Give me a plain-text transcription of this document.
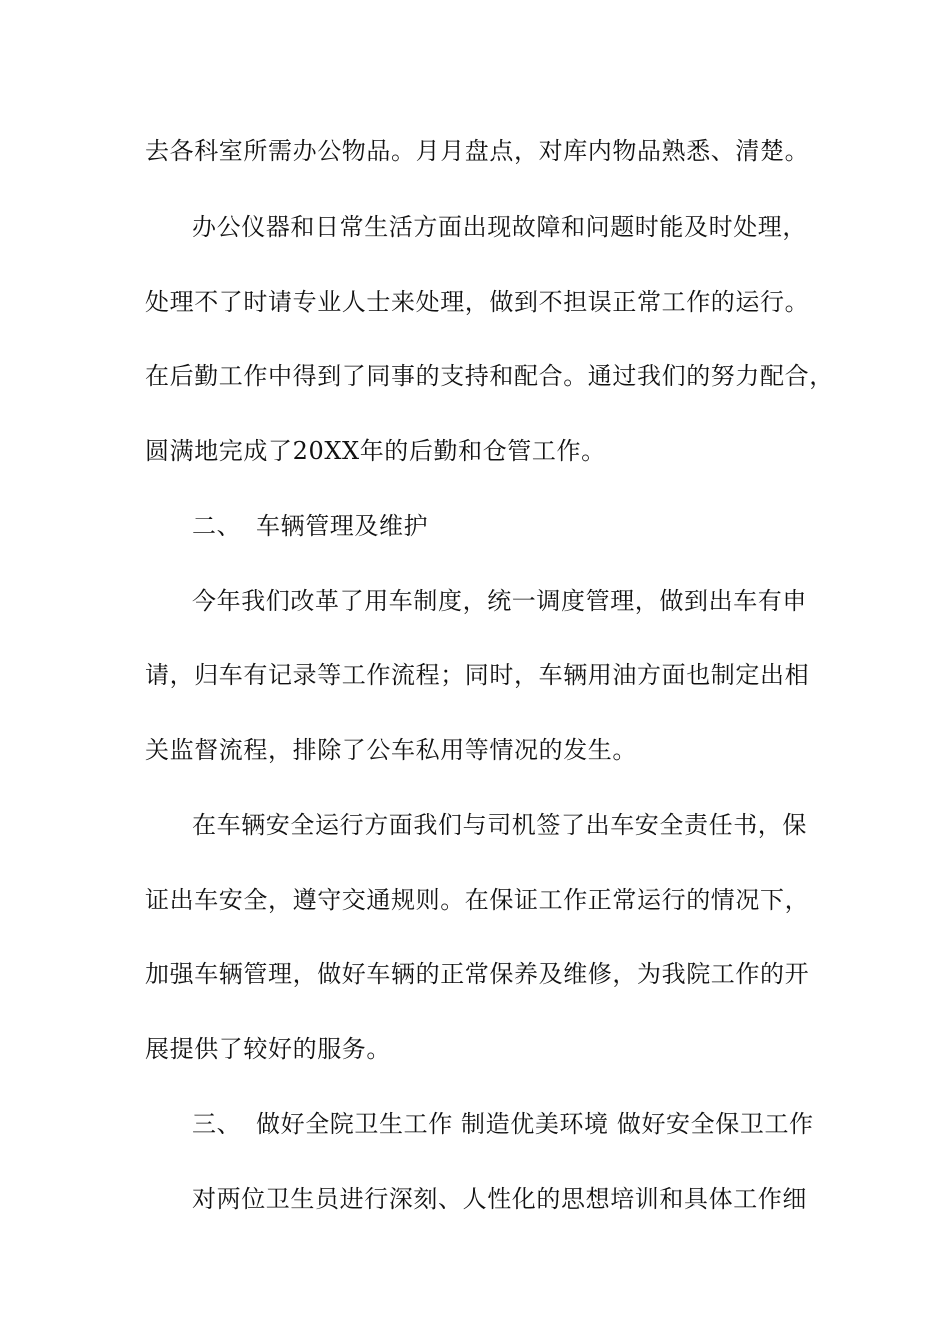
去各科室所需办公物品。月月盘点，对库内物品熟悉、清楚。
办公仪器和日常生活方面出现故障和问题时能及时处理，
处理不了时请专业人士来处理，做到不担误正常工作的运行。
在后勤工作中得到了同事的支持和配合。通过我们的努力配合，
圆满地完成了20XX年的后勤和仓管工作。
二、 车辆管理及维护
今年我们改革了用车制度，统一调度管理，做到出车有申
请，归车有记录等工作流程；同时，车辆用油方面也制定出相
关监督流程，排除了公车私用等情况的发生。
在车辆安全运行方面我们与司机签了出车安全责任书，保
证出车安全，遵守交通规则。在保证工作正常运行的情况下，
加强车辆管理，做好车辆的正常保养及维修，为我院工作的开
展提供了较好的服务。
三、 做好全院卫生工作 制造优美环境 做好安全保卫工作
对两位卫生员进行深刻、人性化的思想培训和具体工作细
